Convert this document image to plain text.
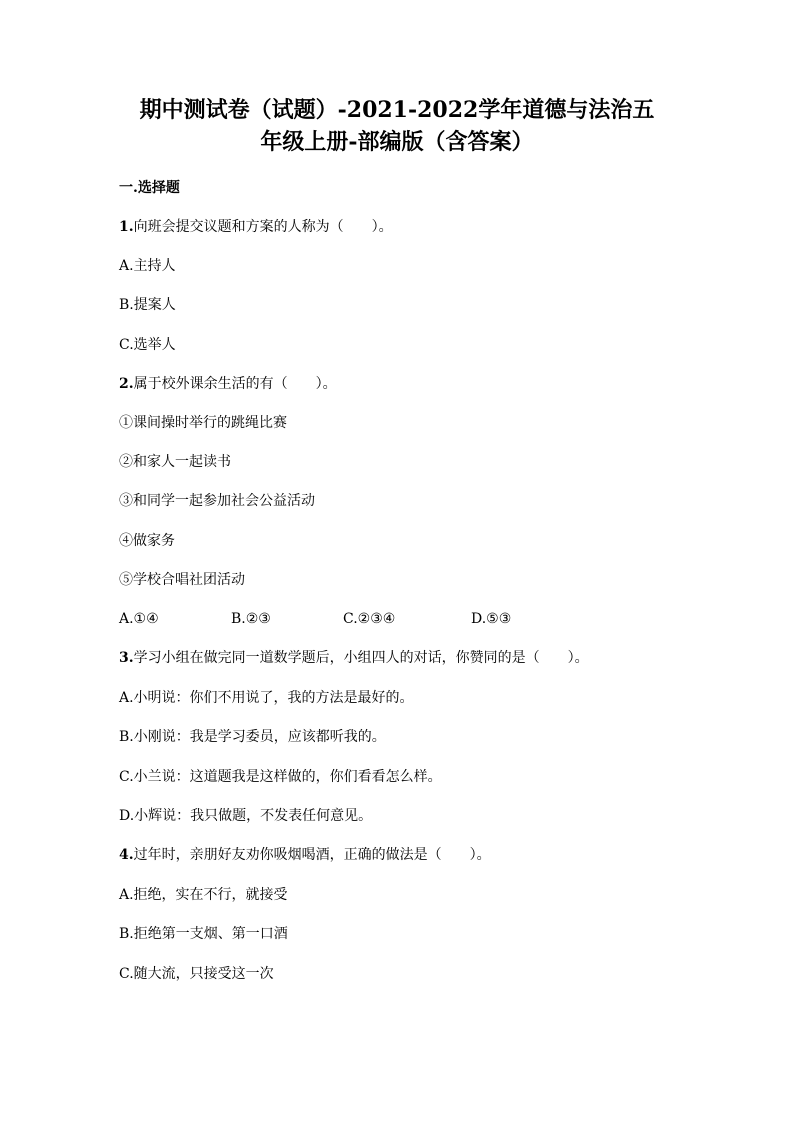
期中测试卷（试题）-2021-2022学年道德与法治五
年级上册-部编版（含答案）
一.选择题
1.向班会提交议题和方案的人称为（　　）。
A.主持人
B.提案人
C.选举人
2.属于校外课余生活的有（　　）。
①课间操时举行的跳绳比赛
②和家人一起读书
③和同学一起参加社会公益活动
④做家务
⑤学校合唱社团活动
A.①④	B.②③	C.②③④	D.⑤③
3.学习小组在做完同一道数学题后，小组四人的对话，你赞同的是（　　）。
A.小明说：你们不用说了，我的方法是最好的。
B.小刚说：我是学习委员，应该都听我的。
C.小兰说：这道题我是这样做的，你们看看怎么样。
D.小辉说：我只做题，不发表任何意见。
4.过年时，亲朋好友劝你吸烟喝酒，正确的做法是（　　）。
A.拒绝，实在不行，就接受
B.拒绝第一支烟、第一口酒
C.随大流，只接受这一次
